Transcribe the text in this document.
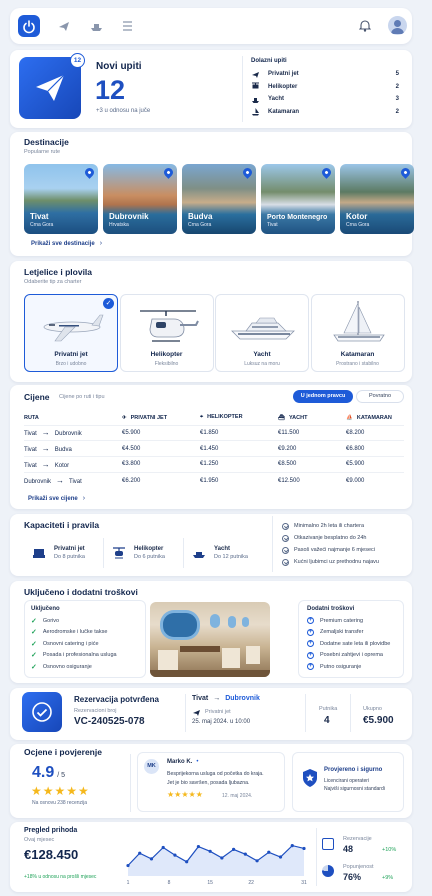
12
Novi upiti
12
+3 u odnosu na juče
Dolazni upiti
Privatni jet	5
Helikopter	2
Yacht	3
Katamaran	2
Destinacije
Popularne rute
Tivat
Crna Gora
Dubrovnik
Hrvatska
Budva
Crna Gora
Porto Montenegro
Tivat
Kotor
Crna Gora
Prikaži sve destinacije ›
Letjelice i plovila
Odaberite tip za charter
✓
Privatni jet
Brzo i udobno
Helikopter
Fleksibilno
Yacht
Luksuz na moru
Katamaran
Prostrano i stabilno
Cijene Cijene po ruti i tipu	U jednom pravcu	Povratno
RUTA	✈ PRIVATNI JET	⌖ HELIKOPTER	⛴ YACHT	⛵ KATAMARAN
Tivat → Dubrovnik	€5.900	€1.850	€11.500	€8.200
Tivat → Budva	€4.500	€1.450	€9.200	€6.800
Tivat → Kotor	€3.800	€1.250	€8.500	€5.900
Dubrovnik → Tivat	€6.200	€1.950	€12.500	€9.000
Prikaži sve cijene ›
Kapaciteti i pravila
Privatni jet
Do 8 putnika
Helikopter
Do 6 putnika
Yacht
Do 12 putnika
Minimalno 2h leta ili chartera
Otkazivanje besplatno do 24h
Pasoš važeći najmanje 6 mjeseci
Kućni ljubimci uz prethodnu najavu
Uključeno i dodatni troškovi
Uključeno
✓ Gorivo
✓ Aerodromske i lučke takse
✓ Osnovni catering i piće
✓ Posada i profesionalna usluga
✓ Osnovno osiguranje
Dodatni troškovi
+	Premium catering
+	Zemaljski transfer
+	Dodatne sate leta ili plovidbe
+	Posebni zahtjevi i oprema
+	Putno osiguranje
Rezervacija potvrđena
Rezervacioni broj
VC-240525-078
Tivat → Dubrovnik
Privatni jet
25. maj 2024. u 10:00
Putnika
4
Ukupno
€5.900
Ocjene i povjerenje
4.9 / 5
★★★★★
Na osnovu 238 recenzija
MK
Marko K. •
Besprijekorna usluga od početka do kraja.
Jet je bio savršen, posada ljubazna.
★★★★★	12. maj 2024.
Provjereno i sigurno
Licencirani operateri
Najviši sigurnosni standardi
Pregled prihoda
Ovaj mjesec
€128.450
+18% u odnosu na prošli mjesec
1	8	15	22	31
Rezervacije
48	+10%
Popunjenost
76%	+9%
